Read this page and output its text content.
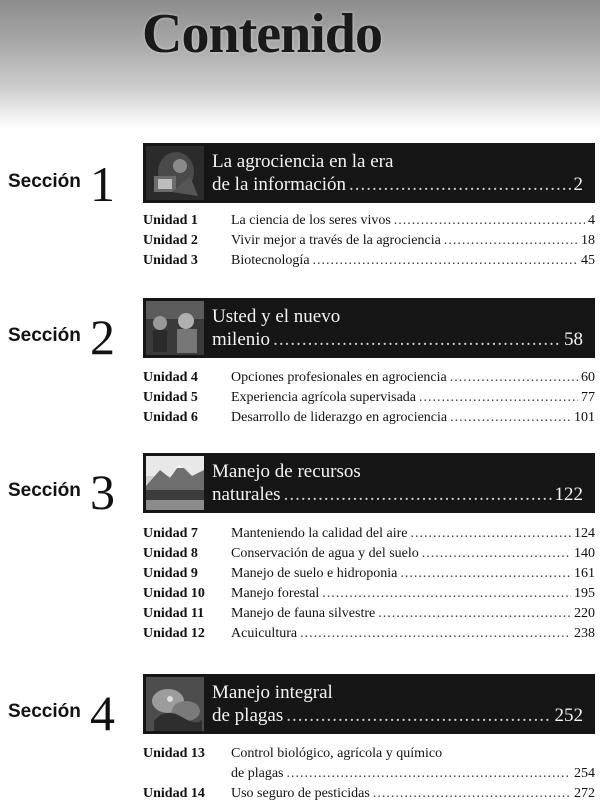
Contenido
Sección 1	La agrociencia en la era
de la información .....	2
Unidad 1	La ciencia de los seres vivos .....	4
Unidad 2	Vivir mejor a través de la agrociencia .....	18
Unidad 3	Biotecnología .....	45
Sección 2	Usted y el nuevo
milenio .....	58
Unidad 4	Opciones profesionales en agrociencia .....	60
Unidad 5	Experiencia agrícola supervisada .....	77
Unidad 6	Desarrollo de liderazgo en agrociencia .....	101
Sección 3	Manejo de recursos
naturales .....	122
Unidad 7	Manteniendo la calidad del aire .....	124
Unidad 8	Conservación de agua y del suelo .....	140
Unidad 9	Manejo de suelo e hidroponia .....	161
Unidad 10	Manejo forestal .....	195
Unidad 11	Manejo de fauna silvestre .....	220
Unidad 12	Acuicultura .....	238
Sección 4	Manejo integral
de plagas .....	252
Unidad 13	Control biológico, agrícola y químico
de plagas .....	254
Unidad 14	Uso seguro de pesticidas .....	272
